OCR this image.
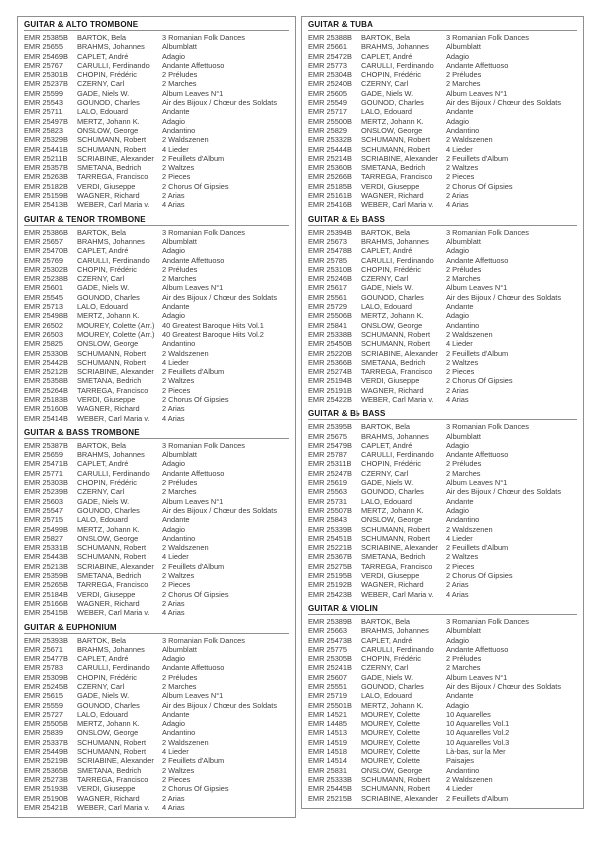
GUITAR & ALTO TROMBONE
EMR 25385B	BARTOK, Bela	3 Romanian Folk Dances
EMR 25655	BRAHMS, Johannes	Albumblatt
EMR 25469B	CAPLET, André	Adagio
EMR 25767	CARULLI, Ferdinando	Andante Affettuoso
EMR 25301B	CHOPIN, Frédéric	2 Préludes
EMR 25237B	CZERNY, Carl	2 Marches
EMR 25599	GADE, Niels W.	Album Leaves N°1
EMR 25543	GOUNOD, Charles	Air des Bijoux / Chœur des Soldats
EMR 25711	LALO, Edouard	Andante
EMR 25497B	MERTZ, Johann K.	Adagio
EMR 25823	ONSLOW, George	Andantino
EMR 25329B	SCHUMANN, Robert	2 Waldszenen
EMR 25441B	SCHUMANN, Robert	4 Lieder
EMR 25211B	SCRIABINE, Alexander	2 Feuillets d'Album
EMR 25357B	SMETANA, Bedrich	2 Waltzes
EMR 25263B	TARREGA, Francisco	2 Pieces
EMR 25182B	VERDI, Giuseppe	2 Chorus Of Gipsies
EMR 25159B	WAGNER, Richard	2 Arias
EMR 25413B	WEBER, Carl Maria v.	4 Arias
GUITAR & TENOR TROMBONE
EMR 25386B	BARTOK, Bela	3 Romanian Folk Dances
EMR 25657	BRAHMS, Johannes	Albumblatt
EMR 25470B	CAPLET, André	Adagio
EMR 25769	CARULLI, Ferdinando	Andante Affettuoso
EMR 25302B	CHOPIN, Frédéric	2 Préludes
EMR 25238B	CZERNY, Carl	2 Marches
EMR 25601	GADE, Niels W.	Album Leaves N°1
EMR 25545	GOUNOD, Charles	Air des Bijoux / Chœur des Soldats
EMR 25713	LALO, Edouard	Andante
EMR 25498B	MERTZ, Johann K.	Adagio
EMR 26502	MOUREY, Colette (Arr.)	40 Greatest Baroque Hits Vol.1
EMR 26503	MOUREY, Colette (Arr.)	40 Greatest Baroque Hits Vol.2
EMR 25825	ONSLOW, George	Andantino
EMR 25330B	SCHUMANN, Robert	2 Waldszenen
EMR 25442B	SCHUMANN, Robert	4 Lieder
EMR 25212B	SCRIABINE, Alexander	2 Feuillets d'Album
EMR 25358B	SMETANA, Bedrich	2 Waltzes
EMR 25264B	TARREGA, Francisco	2 Pieces
EMR 25183B	VERDI, Giuseppe	2 Chorus Of Gipsies
EMR 25160B	WAGNER, Richard	2 Arias
EMR 25414B	WEBER, Carl Maria v.	4 Arias
GUITAR & BASS TROMBONE
EMR 25387B	BARTOK, Bela	3 Romanian Folk Dances
EMR 25659	BRAHMS, Johannes	Albumblatt
EMR 25471B	CAPLET, André	Adagio
EMR 25771	CARULLI, Ferdinando	Andante Affettuoso
EMR 25303B	CHOPIN, Frédéric	2 Préludes
EMR 25239B	CZERNY, Carl	2 Marches
EMR 25603	GADE, Niels W.	Album Leaves N°1
EMR 25547	GOUNOD, Charles	Air des Bijoux / Chœur des Soldats
EMR 25715	LALO, Edouard	Andante
EMR 25499B	MERTZ, Johann K.	Adagio
EMR 25827	ONSLOW, George	Andantino
EMR 25331B	SCHUMANN, Robert	2 Waldszenen
EMR 25443B	SCHUMANN, Robert	4 Lieder
EMR 25213B	SCRIABINE, Alexander	2 Feuillets d'Album
EMR 25359B	SMETANA, Bedrich	2 Waltzes
EMR 25265B	TARREGA, Francisco	2 Pieces
EMR 25184B	VERDI, Giuseppe	2 Chorus Of Gipsies
EMR 25166B	WAGNER, Richard	2 Arias
EMR 25415B	WEBER, Carl Maria v.	4 Arias
GUITAR & EUPHONIUM
EMR 25393B	BARTOK, Bela	3 Romanian Folk Dances
EMR 25671	BRAHMS, Johannes	Albumblatt
EMR 25477B	CAPLET, André	Adagio
EMR 25783	CARULLI, Ferdinando	Andante Affettuoso
EMR 25309B	CHOPIN, Frédéric	2 Préludes
EMR 25245B	CZERNY, Carl	2 Marches
EMR 25615	GADE, Niels W.	Album Leaves N°1
EMR 25559	GOUNOD, Charles	Air des Bijoux / Chœur des Soldats
EMR 25727	LALO, Edouard	Andante
EMR 25505B	MERTZ, Johann K.	Adagio
EMR 25839	ONSLOW, George	Andantino
EMR 25337B	SCHUMANN, Robert	2 Waldszenen
EMR 25449B	SCHUMANN, Robert	4 Lieder
EMR 25219B	SCRIABINE, Alexander	2 Feuillets d'Album
EMR 25365B	SMETANA, Bedrich	2 Waltzes
EMR 25273B	TARREGA, Francisco	2 Pieces
EMR 25193B	VERDI, Giuseppe	2 Chorus Of Gipsies
EMR 25190B	WAGNER, Richard	2 Arias
EMR 25421B	WEBER, Carl Maria v.	4 Arias
GUITAR & TUBA
EMR 25388B	BARTOK, Bela	3 Romanian Folk Dances
EMR 25661	BRAHMS, Johannes	Albumblatt
EMR 25472B	CAPLET, André	Adagio
EMR 25773	CARULLI, Ferdinando	Andante Affettuoso
EMR 25304B	CHOPIN, Frédéric	2 Préludes
EMR 25240B	CZERNY, Carl	2 Marches
EMR 25605	GADE, Niels W.	Album Leaves N°1
EMR 25549	GOUNOD, Charles	Air des Bijoux / Chœur des Soldats
EMR 25717	LALO, Edouard	Andante
EMR 25500B	MERTZ, Johann K.	Adagio
EMR 25829	ONSLOW, George	Andantino
EMR 25332B	SCHUMANN, Robert	2 Waldszenen
EMR 25444B	SCHUMANN, Robert	4 Lieder
EMR 25214B	SCRIABINE, Alexander	2 Feuillets d'Album
EMR 25360B	SMETANA, Bedrich	2 Waltzes
EMR 25266B	TARREGA, Francisco	2 Pieces
EMR 25185B	VERDI, Giuseppe	2 Chorus Of Gipsies
EMR 25161B	WAGNER, Richard	2 Arias
EMR 25416B	WEBER, Carl Maria v.	4 Arias
GUITAR & E♭ BASS
EMR 25394B	BARTOK, Bela	3 Romanian Folk Dances
EMR 25673	BRAHMS, Johannes	Albumblatt
EMR 25478B	CAPLET, André	Adagio
EMR 25785	CARULLI, Ferdinando	Andante Affettuoso
EMR 25310B	CHOPIN, Frédéric	2 Préludes
EMR 25246B	CZERNY, Carl	2 Marches
EMR 25617	GADE, Niels W.	Album Leaves N°1
EMR 25561	GOUNOD, Charles	Air des Bijoux / Chœur des Soldats
EMR 25729	LALO, Edouard	Andante
EMR 25506B	MERTZ, Johann K.	Adagio
EMR 25841	ONSLOW, George	Andantino
EMR 25338B	SCHUMANN, Robert	2 Waldszenen
EMR 25450B	SCHUMANN, Robert	4 Lieder
EMR 25220B	SCRIABINE, Alexander	2 Feuillets d'Album
EMR 25366B	SMETANA, Bedrich	2 Waltzes
EMR 25274B	TARREGA, Francisco	2 Pieces
EMR 25194B	VERDI, Giuseppe	2 Chorus Of Gipsies
EMR 25191B	WAGNER, Richard	2 Arias
EMR 25422B	WEBER, Carl Maria v.	4 Arias
GUITAR & B♭ BASS
EMR 25395B	BARTOK, Bela	3 Romanian Folk Dances
EMR 25675	BRAHMS, Johannes	Albumblatt
EMR 25479B	CAPLET, André	Adagio
EMR 25787	CARULLI, Ferdinando	Andante Affettuoso
EMR 25311B	CHOPIN, Frédéric	2 Préludes
EMR 25247B	CZERNY, Carl	2 Marches
EMR 25619	GADE, Niels W.	Album Leaves N°1
EMR 25563	GOUNOD, Charles	Air des Bijoux / Chœur des Soldats
EMR 25731	LALO, Edouard	Andante
EMR 25507B	MERTZ, Johann K.	Adagio
EMR 25843	ONSLOW, George	Andantino
EMR 25339B	SCHUMANN, Robert	2 Waldszenen
EMR 25451B	SCHUMANN, Robert	4 Lieder
EMR 25221B	SCRIABINE, Alexander	2 Feuillets d'Album
EMR 25367B	SMETANA, Bedrich	2 Waltzes
EMR 25275B	TARREGA, Francisco	2 Pieces
EMR 25195B	VERDI, Giuseppe	2 Chorus Of Gipsies
EMR 25192B	WAGNER, Richard	2 Arias
EMR 25423B	WEBER, Carl Maria v.	4 Arias
GUITAR & VIOLIN
EMR 25389B	BARTOK, Bela	3 Romanian Folk Dances
EMR 25663	BRAHMS, Johannes	Albumblatt
EMR 25473B	CAPLET, André	Adagio
EMR 25775	CARULLI, Ferdinando	Andante Affettuoso
EMR 25305B	CHOPIN, Frédéric	2 Préludes
EMR 25241B	CZERNY, Carl	2 Marches
EMR 25607	GADE, Niels W.	Album Leaves N°1
EMR 25551	GOUNOD, Charles	Air des Bijoux / Chœur des Soldats
EMR 25719	LALO, Edouard	Andante
EMR 25501B	MERTZ, Johann K.	Adagio
EMR 14521	MOUREY, Colette	10 Aquarelles
EMR 14485	MOUREY, Colette	10 Aquarelles Vol.1
EMR 14513	MOUREY, Colette	10 Aquarelles Vol.2
EMR 14519	MOUREY, Colette	10 Aquarelles Vol.3
EMR 14518	MOUREY, Colette	Là-bas, sur la Mer
EMR 14514	MOUREY, Colette	Paisajes
EMR 25831	ONSLOW, George	Andantino
EMR 25333B	SCHUMANN, Robert	2 Waldszenen
EMR 25445B	SCHUMANN, Robert	4 Lieder
EMR 25215B	SCRIABINE, Alexander	2 Feuillets d'Album
